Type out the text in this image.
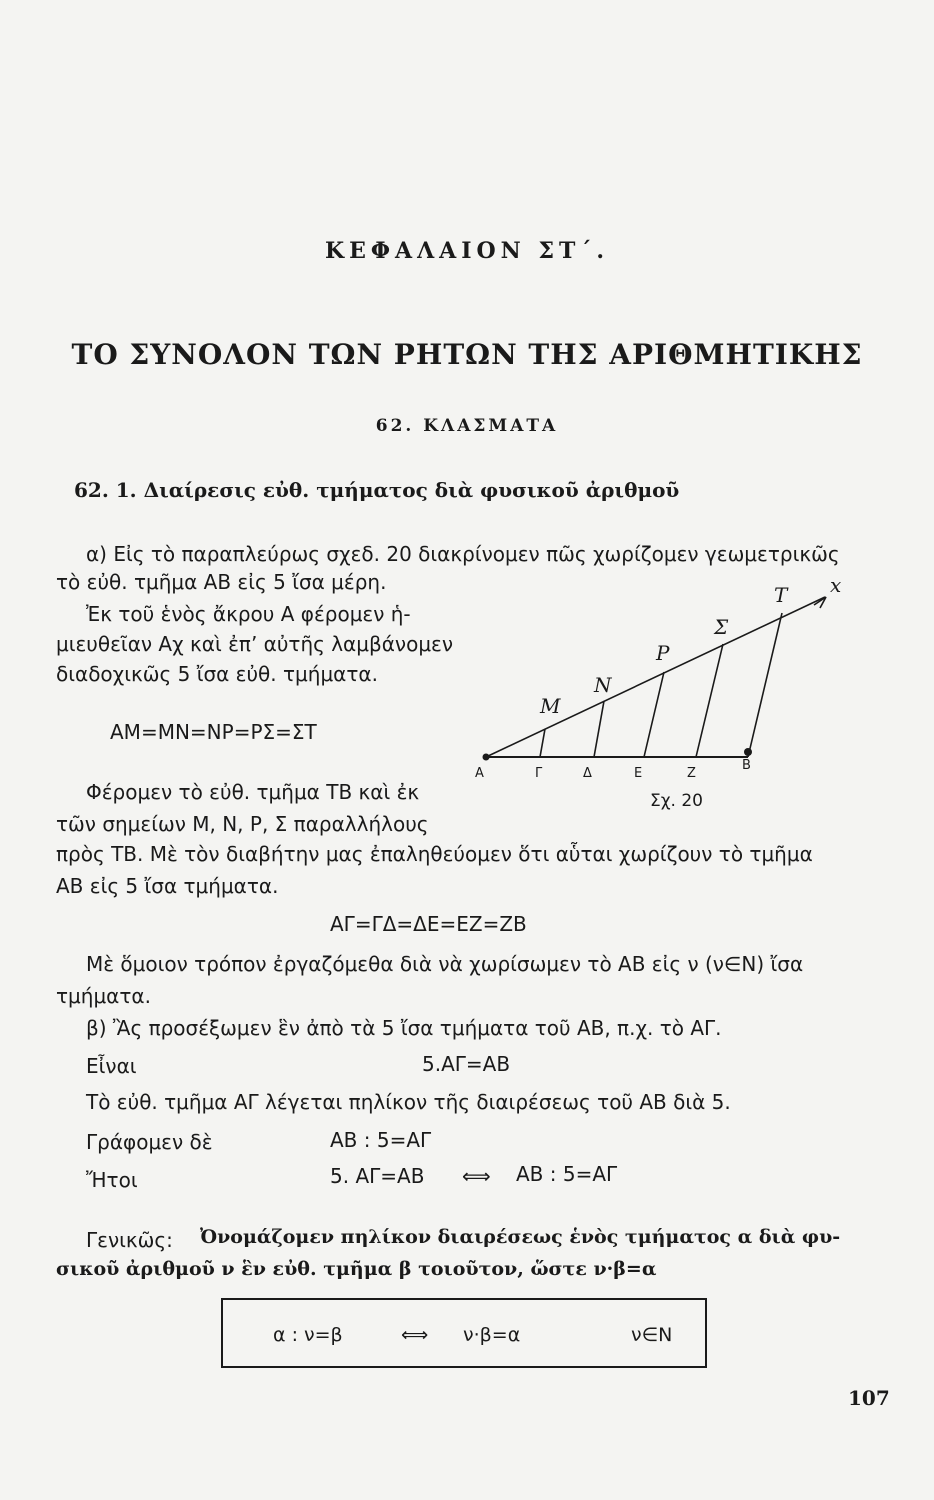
ΚΕΦΑΛΑΙΟΝ ΣΤ΄.
ΤΟ ΣΥΝΟΛΟΝ ΤΩΝ ΡΗΤΩΝ ΤΗΣ ΑΡΙΘΜΗΤΙΚΗΣ
62. ΚΛΑΣΜΑΤΑ
62. 1. Διαίρεσις εὐθ. τμήματος διὰ φυσικοῦ ἀριθμοῦ
α) Εἰς τὸ παραπλεύρως σχεδ. 20 διακρίνομεν πῶς χωρίζομεν γεωμετρικῶς
τὸ εὐθ. τμῆμα ΑΒ εἰς 5 ἴσα μέρη.
Ἐκ τοῦ ἑνὸς ἄκρου Α φέρομεν ἡ-
μιευθεῖαν Αχ καὶ ἐπ’ αὐτῆς λαμβάνομεν
διαδοχικῶς 5 ἴσα εὐθ. τμήματα.
ΑΜ=ΜΝ=ΝΡ=ΡΣ=ΣΤ
Φέρομεν τὸ εὐθ. τμῆμα ΤΒ καὶ ἐκ
τῶν σημείων Μ, Ν, Ρ, Σ παραλλήλους
πρὸς ΤΒ. Μὲ τὸν διαβήτην μας ἐπαληθεύομεν ὅτι αὗται χωρίζουν τὸ τμῆμα
ΑΒ εἰς 5 ἴσα τμήματα.
ΑΓ=ΓΔ=ΔΕ=ΕΖ=ΖΒ
Μὲ ὅμοιον τρόπον ἐργαζόμεθα διὰ νὰ χωρίσωμεν τὸ ΑΒ εἰς ν (ν∈Ν) ἴσα
τμήματα.
Α	Γ	Δ	Ε	Ζ
Β
Μ
Ν
Ρ
Σ
Τ x
Σχ. 20
β) Ἂς προσέξωμεν ἓν ἀπὸ τὰ 5 ἴσα τμήματα τοῦ ΑΒ, π.χ. τὸ ΑΓ.
Εἶναι	5.ΑΓ=ΑΒ
Τὸ εὐθ. τμῆμα ΑΓ λέγεται πηλίκον τῆς διαιρέσεως τοῦ ΑΒ διὰ 5.
Γράφομεν δὲ	ΑΒ : 5=ΑΓ
Ἤτοι	5. ΑΓ=ΑΒ ⟺ ΑΒ : 5=ΑΓ
Γενικῶς: Ὀνομάζομεν πηλίκον διαιρέσεως ἑνὸς τμήματος α διὰ φυ-
σικοῦ ἀριθμοῦ ν ἓν εὐθ. τμῆμα β τοιοῦτον, ὥστε ν·β=α
α : ν=β	⟺ ν·β=α	ν∈Ν
107
